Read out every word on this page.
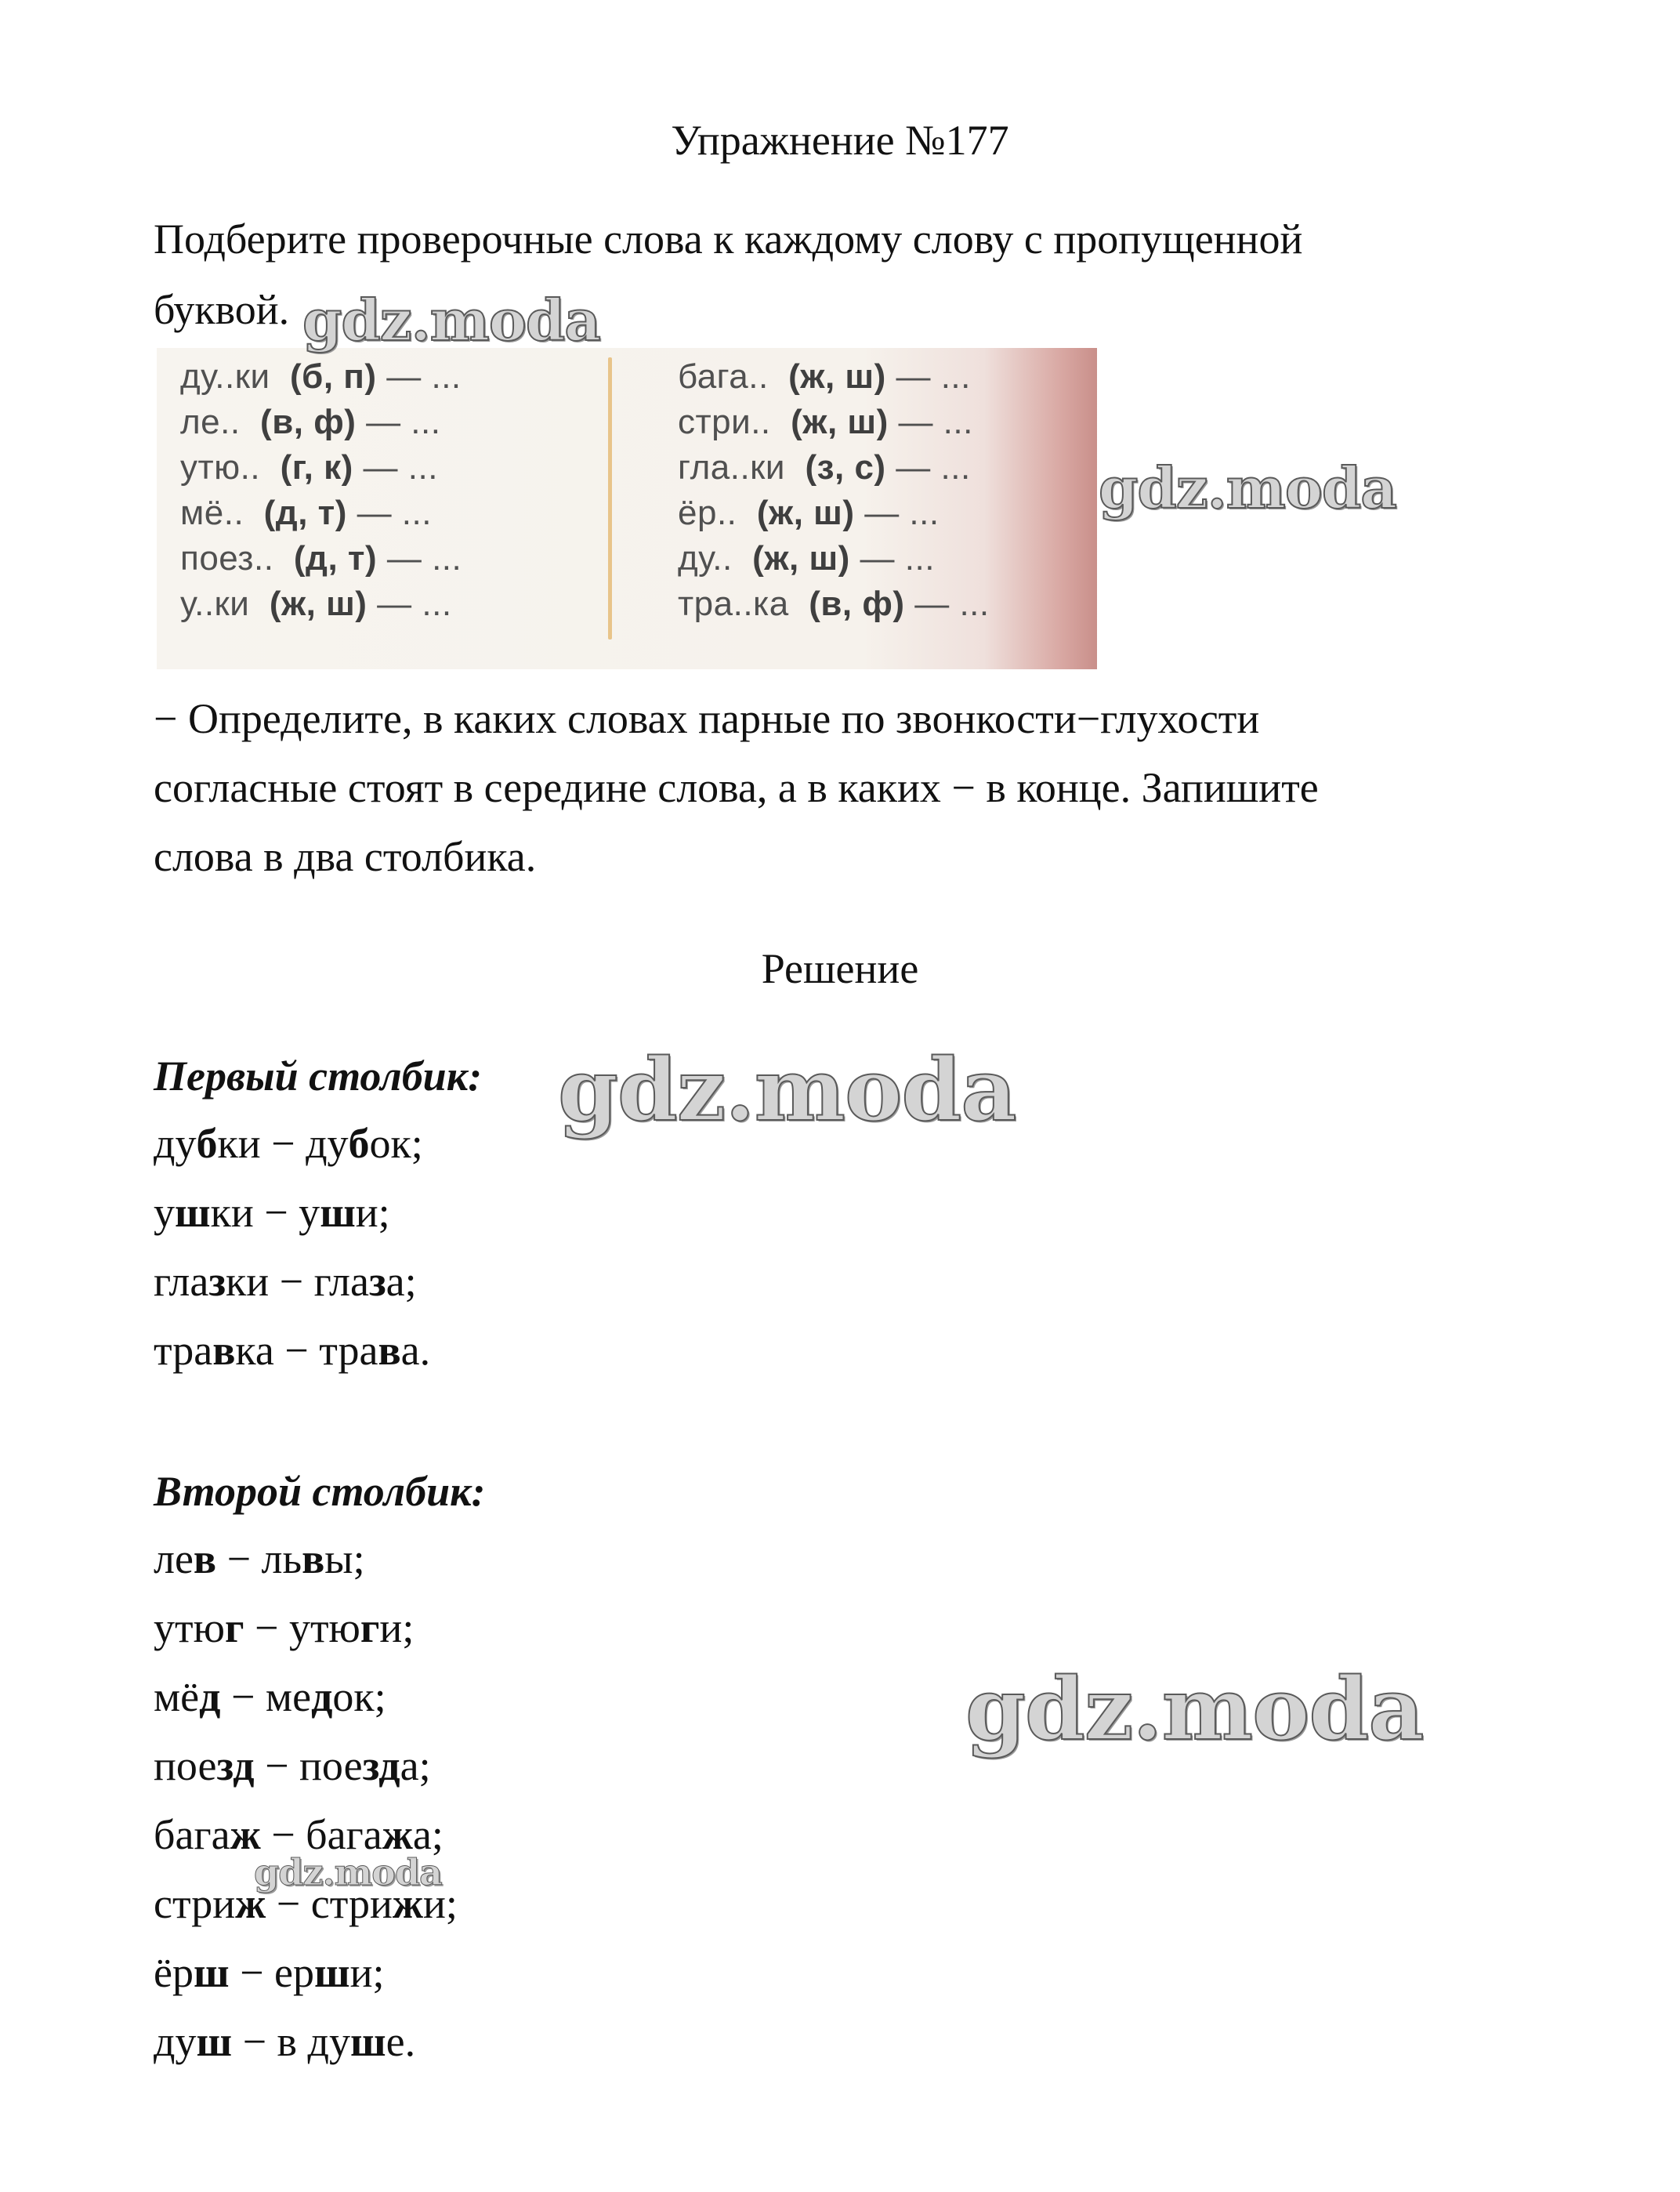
Упражнение №177
Подберите проверочные слова к каждому слову с пропущенной
буквой.
ду..ки (б, п) — ...
ле.. (в, ф) — ...
утю.. (г, к) — ...
мё.. (д, т) — ...
поез.. (д, т) — ...
у..ки (ж, ш) — ...
бага.. (ж, ш) — ...
стри.. (ж, ш) — ...
гла..ки (з, с) — ...
ёр.. (ж, ш) — ...
ду.. (ж, ш) — ...
тра..ка (в, ф) — ...
− Определите, в каких словах парные по звонкости−глухости
согласные стоят в середине слова, а в каких − в конце. Запишите
слова в два столбика.
Решение
Первый столбик:
дубки − дубок;
ушки − уши;
глазки − глаза;
травка − трава.
Второй столбик:
лев − львы;
утюг − утюги;
мёд − медок;
поезд − поезда;
багаж − багажа;
стриж − стрижи;
ёрш − ерши;
душ − в душе.
gdz.moda
gdz.moda
gdz.moda
gdz.moda
gdz.moda
